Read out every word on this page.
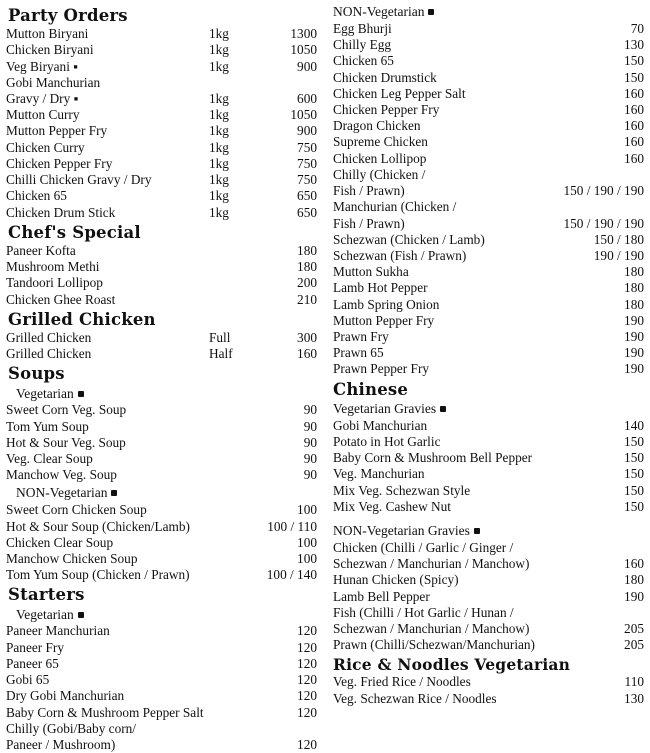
Party Orders
Mutton Biryani	1kg	1300
Chicken Biryani	1kg	1050
Veg Biryani ▪	1kg	900
Gobi Manchurian		
Gravy / Dry ▪	1kg	600
Mutton Curry	1kg	1050
Mutton Pepper Fry	1kg	900
Chicken Curry	1kg	750
Chicken Pepper Fry	1kg	750
Chilli Chicken Gravy / Dry	1kg	750
Chicken 65	1kg	650
Chicken Drum Stick	1kg	650
Chef's Special
Paneer Kofta		180
Mushroom Methi		180
Tandoori Lollipop		200
Chicken Ghee Roast		210
Grilled Chicken
Grilled Chicken	Full	300
Grilled Chicken	Half	160
Soups
Vegetarian
Sweet Corn Veg. Soup	90
Tom Yum Soup	90
Hot & Sour Veg. Soup	90
Veg. Clear Soup	90
Manchow Veg. Soup	90
NON-Vegetarian
Sweet Corn Chicken Soup	100
Hot & Sour Soup (Chicken/Lamb)	100 / 110
Chicken Clear Soup	100
Manchow Chicken Soup	100
Tom Yum Soup (Chicken / Prawn)	100 / 140
Starters
Vegetarian
Paneer Manchurian	120
Paneer Fry	120
Paneer 65	120
Gobi 65	120
Dry Gobi Manchurian	120
Baby Corn & Mushroom Pepper Salt	120
Chilly (Gobi/Baby corn/	
Paneer / Mushroom)	120
NON-Vegetarian
Egg Bhurji	70
Chilly Egg	130
Chicken 65	150
Chicken Drumstick	150
Chicken Leg Pepper Salt	160
Chicken Pepper Fry	160
Dragon Chicken	160
Supreme Chicken	160
Chicken Lollipop	160
Chilly (Chicken /	
Fish / Prawn)	150 / 190 / 190
Manchurian (Chicken /	
Fish / Prawn)	150 / 190 / 190
Schezwan (Chicken / Lamb)	150 / 180
Schezwan (Fish / Prawn)	190 / 190
Mutton Sukha	180
Lamb Hot Pepper	180
Lamb Spring Onion	180
Mutton Pepper Fry	190
Prawn Fry	190
Prawn 65	190
Prawn Pepper Fry	190
Chinese
Vegetarian Gravies
Gobi Manchurian	140
Potato in Hot Garlic	150
Baby Corn & Mushroom Bell Pepper	150
Veg. Manchurian	150
Mix Veg. Schezwan Style	150
Mix Veg. Cashew Nut	150
NON-Vegetarian Gravies
Chicken (Chilli / Garlic / Ginger /	
Schezwan / Manchurian / Manchow)	160
Hunan Chicken (Spicy)	180
Lamb Bell Pepper	190
Fish (Chilli / Hot Garlic / Hunan /	
Schezwan / Manchurian / Manchow)	205
Prawn (Chilli/Schezwan/Manchurian)	205
Rice & Noodles Vegetarian
Veg. Fried Rice / Noodles	110
Veg. Schezwan Rice / Noodles	130
